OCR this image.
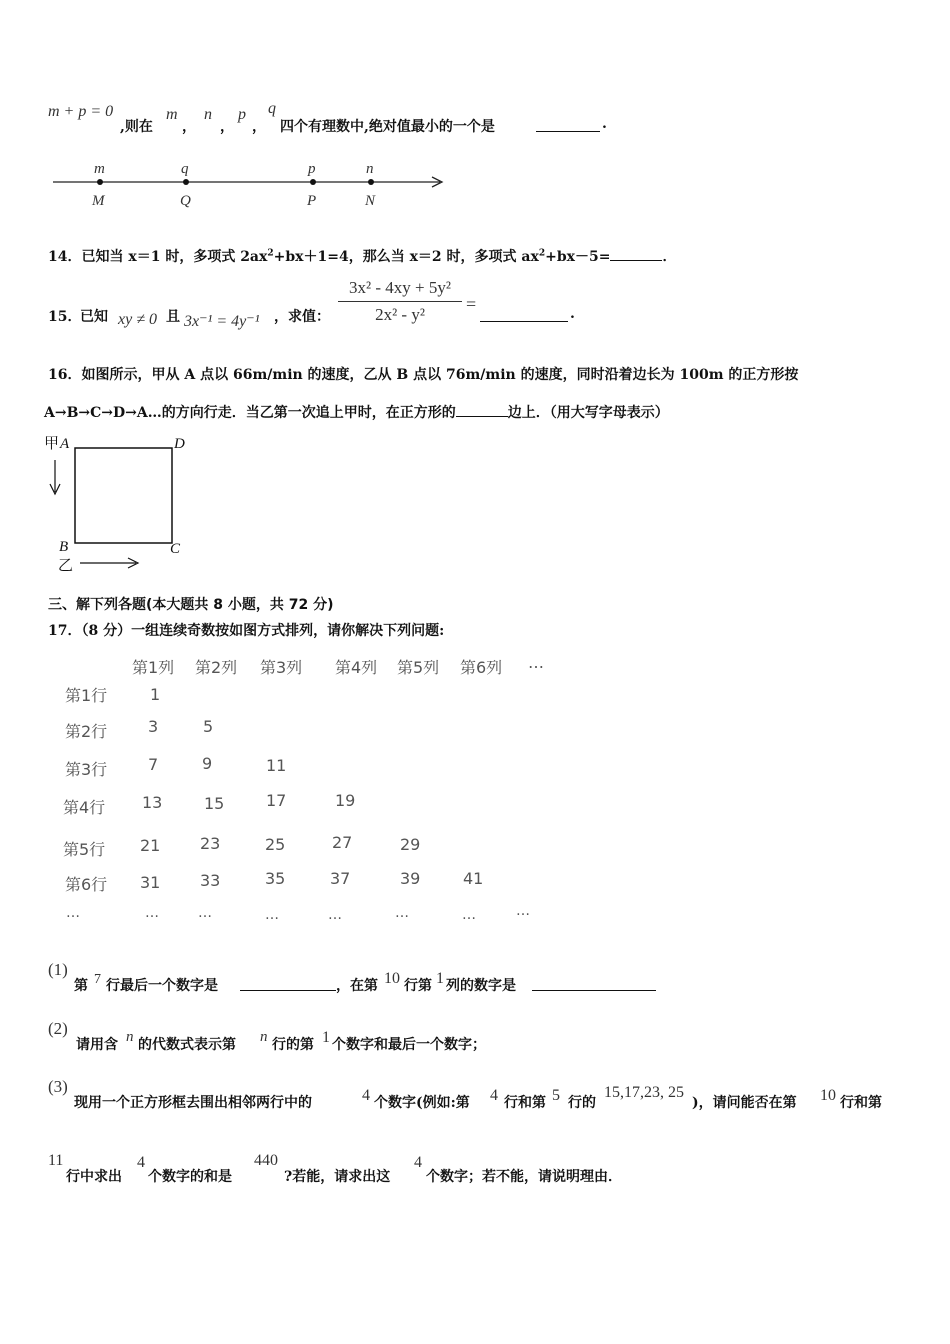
m + p = 0
,则在
m
，
n
，
p
，
q
四个有理数中,绝对值最小的一个是	.
m	q	p	n
M	Q	P	N
14．已知当 x＝1 时，多项式 $2ax^2+bx+1=4$，那么当 x＝2 时，多项式 $ax^2+bx-5=$	．
15．
已知 xy ≠ 0 且 3x⁻¹ = 4y⁻¹ ，求值： $\frac{\text{3x² - 4xy + 5y²}}{\text{2x² - y²}}$ =	.
16．如图所示，甲从 A 点以 66m/min 的速度，乙从 B 点以 76m/min 的速度，同时沿着边长为 100m 的正方形按
A→B→C→D→A…的方向行走．当乙第一次追上甲时，在正方形的	边上．（用大写字母表示）
甲 A	D
B	C
乙
三、解下列各题(本大题共 8 小题，共 72 分)
17．（8 分）一组连续奇数按如图方式排列，请你解决下列问题:
第1列 第2列 第3列 第4列 第5列 第6列 …
第1行	1
第2行	3	5
第3行	7	9	11
第4行 13	15	17	19
第5行 21 23	25	27	29
第6行 31 33	35	37	39	41
…	…	…	…	…	…	…	…
(1)
第 7 行最后一个数字是	，在第 10 行第 1 列的数字是
(2)
请用含 n 的代数式表示第 n 行的第 1 个数字和最后一个数字；
(3)
现用一个正方形框去围出相邻两行中的	4 个数字(例如:第 4 行和第 5 行的
15,17,23, 25
)，请问能否在第 10 行和第
11
行中求出
4
个数字的和是
440
?若能，请求出这
4
个数字；若不能，请说明理由．
